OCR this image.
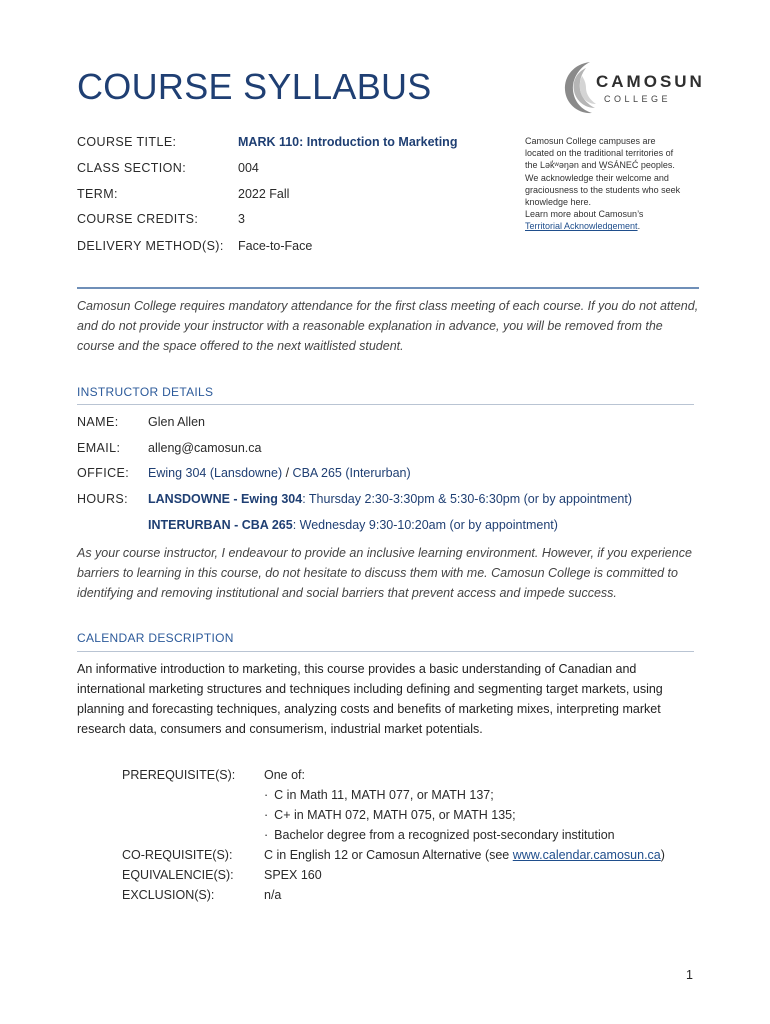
COURSE SYLLABUS	CAMOSUN
COLLEGE
COURSE TITLE:	MARK 110: Introduction to Marketing
CLASS SECTION:	004
TERM:	2022 Fall
COURSE CREDITS:	3
DELIVERY METHOD(S): Face-to-Face
Camosun College campuses are
located on the traditional territories of
the Lək̓ʷəŋən and W̱SÁNEĆ peoples.
We acknowledge their welcome and
graciousness to the students who seek
knowledge here.
Learn more about Camosun’s
Territorial Acknowledgement.
Camosun College requires mandatory attendance for the first class meeting of each course. If you do not attend, and do not provide your instructor with a reasonable explanation in advance, you will be removed from the course and the space offered to the next waitlisted student.
INSTRUCTOR DETAILS
NAME: Glen Allen
EMAIL: alleng@camosun.ca
OFFICE: Ewing 304 (Lansdowne) / CBA 265 (Interurban)
HOURS: LANSDOWNE - Ewing 304: Thursday 2:30-3:30pm & 5:30-6:30pm (or by appointment)
INTERURBAN - CBA 265: Wednesday 9:30-10:20am (or by appointment)
As your course instructor, I endeavour to provide an inclusive learning environment. However, if you experience barriers to learning in this course, do not hesitate to discuss them with me. Camosun College is committed to identifying and removing institutional and social barriers that prevent access and impede success.
CALENDAR DESCRIPTION
An informative introduction to marketing, this course provides a basic understanding of Canadian and international marketing structures and techniques including defining and segmenting target markets, using planning and forecasting techniques, analyzing costs and benefits of marketing mixes, interpreting market research data, consumers and consumerism, industrial market potentials.
PREREQUISITE(S): One of:
· C in Math 11, MATH 077, or MATH 137;
· C+ in MATH 072, MATH 075, or MATH 135;
· Bachelor degree from a recognized post-secondary institution
CO-REQUISITE(S):	C in English 12 or Camosun Alternative (see www.calendar.camosun.ca)
EQUIVALENCIE(S): SPEX 160
EXCLUSION(S):	n/a
1
